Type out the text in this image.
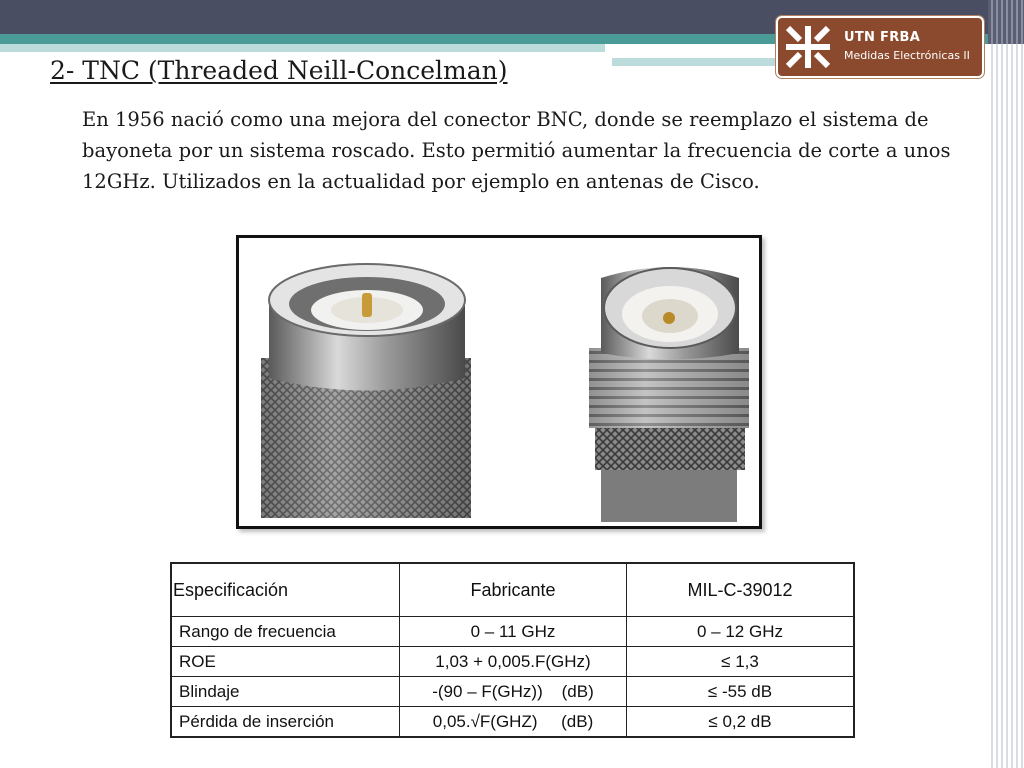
UTN FRBA
Medidas Electrónicas II
2- TNC (Threaded Neill-Concelman)

En 1956 nació como una mejora del conector BNC, donde se reemplazo el sistema de bayoneta por un sistema roscado. Esto permitió aumentar la frecuencia de corte a unos 12GHz. Utilizados en la actualidad por ejemplo en antenas de Cisco.

Especificación	Fabricante	MIL-C-39012
Rango de frecuencia	0 – 11 GHz	0 – 12 GHz
ROE	1,03 + 0,005.F(GHz)	≤ 1,3
Blindaje	-(90 – F(GHz))    (dB)	≤ -55 dB
Pérdida de inserción	0,05.√F(GHZ)     (dB)	≤ 0,2 dB
